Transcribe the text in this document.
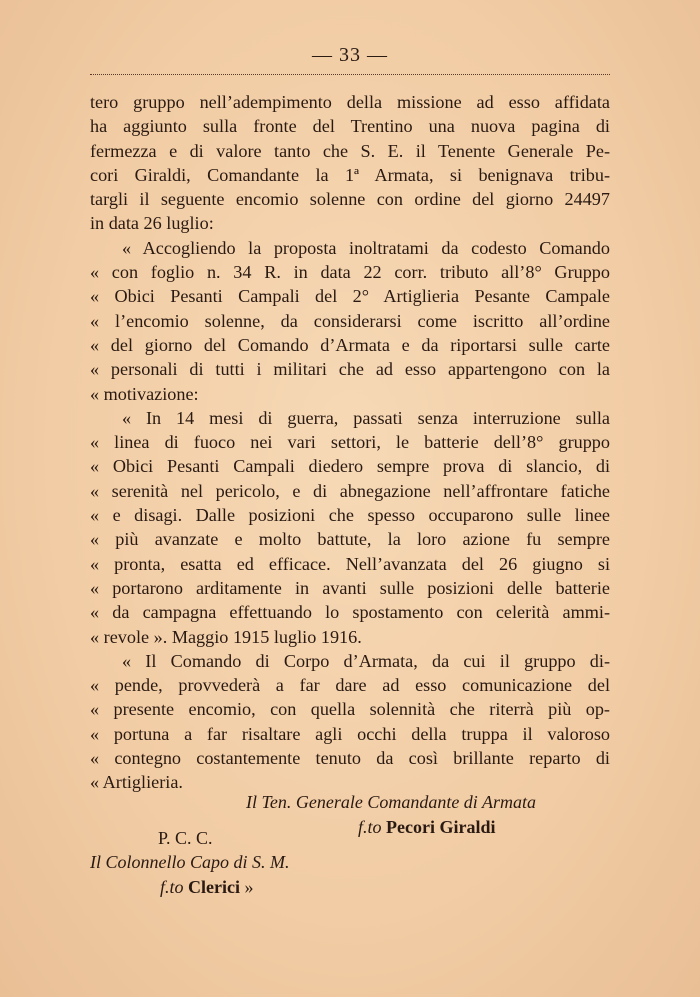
— 33 —
tero gruppo nell’adempimento della missione ad esso affidata
ha aggiunto sulla fronte del Trentino una nuova pagina di
fermezza e di valore tanto che S. E. il Tenente Generale Pe-
cori Giraldi, Comandante la 1ª Armata, si benignava tribu-
targli il seguente encomio solenne con ordine del giorno 24497
in data 26 luglio:
« Accogliendo la proposta inoltratami da codesto Comando
« con foglio n. 34 R. in data 22 corr. tributo all’8° Gruppo
« Obici Pesanti Campali del 2° Artiglieria Pesante Campale
« l’encomio solenne, da considerarsi come iscritto all’ordine
« del giorno del Comando d’Armata e da riportarsi sulle carte
« personali di tutti i militari che ad esso appartengono con la
« motivazione:
« In 14 mesi di guerra, passati senza interruzione sulla
« linea di fuoco nei vari settori, le batterie dell’8° gruppo
« Obici Pesanti Campali diedero sempre prova di slancio, di
« serenità nel pericolo, e di abnegazione nell’affrontare fatiche
« e disagi. Dalle posizioni che spesso occuparono sulle linee
« più avanzate e molto battute, la loro azione fu sempre
« pronta, esatta ed efficace. Nell’avanzata del 26 giugno si
« portarono arditamente in avanti sulle posizioni delle batterie
« da campagna effettuando lo spostamento con celerità ammi-
« revole ». Maggio 1915 luglio 1916.
« Il Comando di Corpo d’Armata, da cui il gruppo di-
« pende, provvederà a far dare ad esso comunicazione del
« presente encomio, con quella solennità che riterrà più op-
« portuna a far risaltare agli occhi della truppa il valoroso
« contegno costantemente tenuto da così brillante reparto di
« Artiglieria.
Il Ten. Generale Comandante di Armata
f.to Pecori Giraldi
P. C. C.
Il Colonnello Capo di S. M.
f.to Clerici »
